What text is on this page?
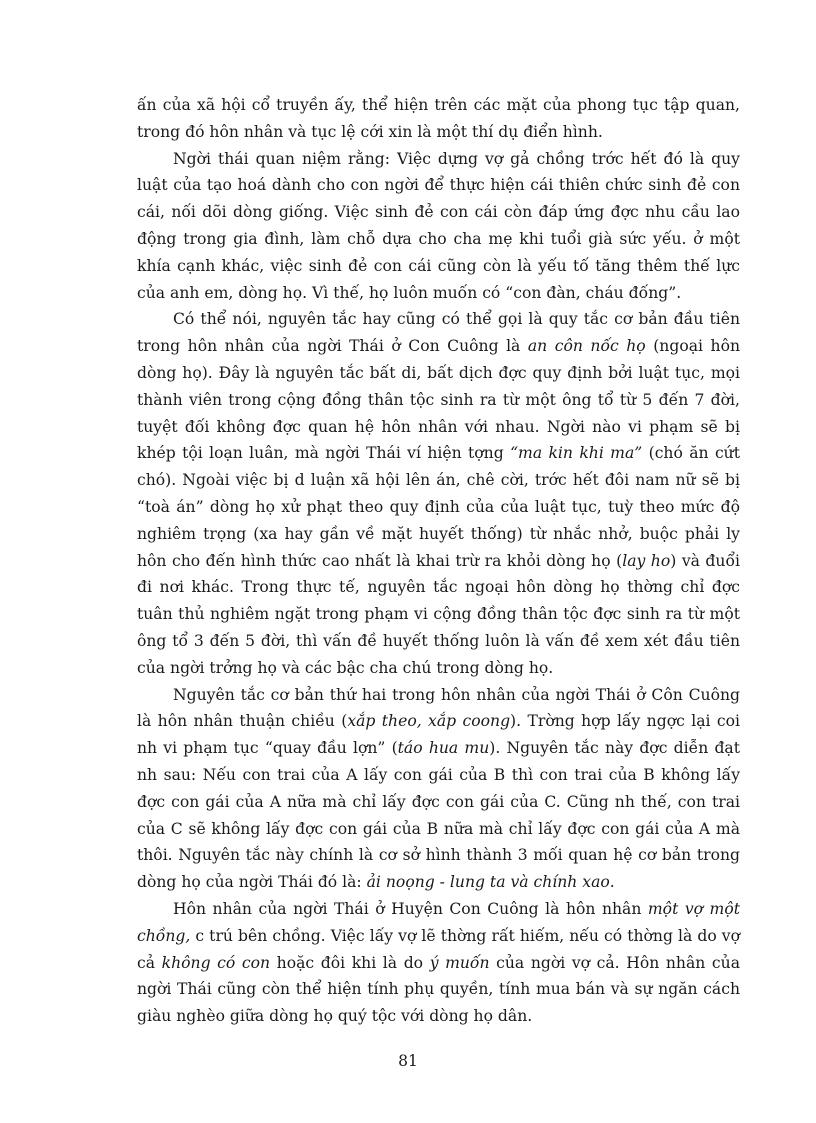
ấn của xã hội cổ truyền ấy, thể hiện trên các mặt của phong tục tập quan, trong đó hôn nhân và tục lệ cới xin là một thí dụ điển hình.

Ngời thái quan niệm rằng: Việc dựng vợ gả chồng trớc hết đó là quy luật của tạo hoá dành cho con ngời để thực hiện cái thiên chức sinh đẻ con cái, nối dõi dòng giống. Việc sinh đẻ con cái còn đáp ứng đợc nhu cầu lao động trong gia đình, làm chỗ dựa cho cha mẹ khi tuổi già sức yếu. ở một khía cạnh khác, việc sinh đẻ con cái cũng còn là yếu tố tăng thêm thế lực của anh em, dòng họ. Vì thế, họ luôn muốn có “con đàn, cháu đống”.

Có thể nói, nguyên tắc hay cũng có thể gọi là quy tắc cơ bản đầu tiên trong hôn nhân của ngời Thái ở Con Cuông là an côn nốc họ (ngoại hôn dòng họ). Đây là nguyên tắc bất di, bất dịch đợc quy định bởi luật tục, mọi thành viên trong cộng đồng thân tộc sinh ra từ một ông tổ từ 5 đến 7 đời, tuyệt đối không đợc quan hệ hôn nhân với nhau. Ngời nào vi phạm sẽ bị khép tội loạn luân, mà ngời Thái ví hiện tợng “ma kin khi ma” (chó ăn cứt chó). Ngoài việc bị d luận xã hội lên án, chê cời, trớc hết đôi nam nữ sẽ bị “toà án” dòng họ xử phạt theo quy định của của luật tục, tuỳ theo mức độ nghiêm trọng (xa hay gần về mặt huyết thống) từ nhắc nhở, buộc phải ly hôn cho đến hình thức cao nhất là khai trừ ra khỏi dòng họ (lay ho) và đuổi đi nơi khác. Trong thực tế, nguyên tắc ngoại hôn dòng họ thờng chỉ đợc tuân thủ nghiêm ngặt trong phạm vi cộng đồng thân tộc đợc sinh ra từ một ông tổ 3 đến 5 đời, thì vấn đề huyết thống luôn là vấn đề xem xét đầu tiên của ngời trởng họ và các bậc cha chú trong dòng họ.

Nguyên tắc cơ bản thứ hai trong hôn nhân của ngời Thái ở Côn Cuông là hôn nhân thuận chiều (xắp theo, xắp coong). Trờng hợp lấy ngợc lại coi nh vi phạm tục “quay đầu lợn” (táo hua mu). Nguyên tắc này đợc diễn đạt nh sau: Nếu con trai của A lấy con gái của B thì con trai của B không lấy đợc con gái của A nữa mà chỉ lấy đợc con gái của C. Cũng nh thế, con trai của C sẽ không lấy đợc con gái của B nữa mà chỉ lấy đợc con gái của A mà thôi. Nguyên tắc này chính là cơ sở hình thành 3 mối quan hệ cơ bản trong dòng họ của ngời Thái đó là: ải noọng - lung ta và chính xao.

Hôn nhân của ngời Thái ở Huyện Con Cuông là hôn nhân một vợ một chồng, c trú bên chồng. Việc lấy vợ lẽ thờng rất hiếm, nếu có thờng là do vợ cả không có con hoặc đôi khi là do ý muốn của ngời vợ cả. Hôn nhân của ngời Thái cũng còn thể hiện tính phụ quyền, tính mua bán và sự ngăn cách giàu nghèo giữa dòng họ quý tộc với dòng họ dân.

81
